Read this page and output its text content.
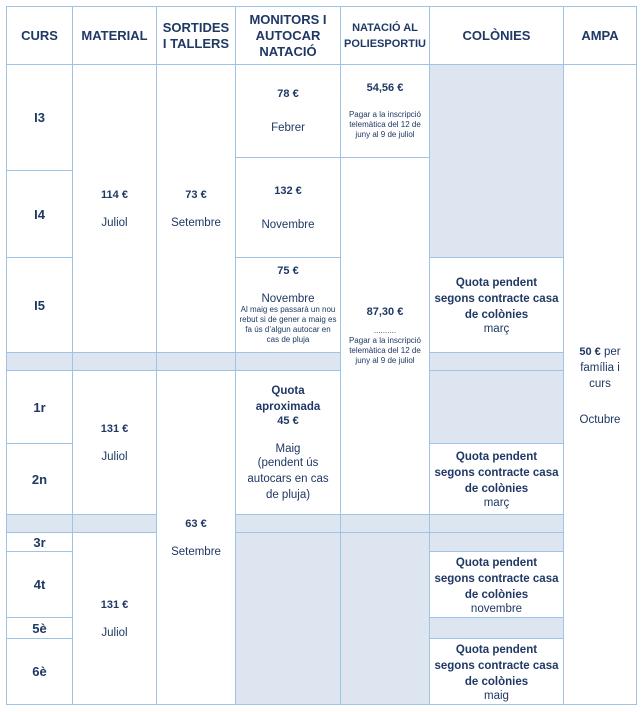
CURS MATERIAL
SORTIDES
I TALLERS
MONITORS I
AUTOCAR
NATACIÓ
NATACIÓ AL
POLIESPORTIU
COLÒNIES	AMPA
I3
I4
I5
1r
2n
3r
4t
5è
6è
114 €
Juliol
131 €
Juliol
131 €
Juliol
73 €
Setembre
63 €
Setembre
78 €
Febrer
132 €
Novembre
75 €
Novembre
Al maig es passarà un nou rebut si de gener a maig es fa ús d’algun autocar en cas de pluja
Quota
aproximada
45 €
Maig
(pendent ús autocars en cas de pluja)
54,56 €
Pagar a la inscripció telemàtica del 12 de juny al 9 de juliol
87,30 €
..........
Pagar a la inscripció telemàtica del 12 de juny al 9 de juliol
Quota pendent
segons contracte casa
de colònies
març
Quota pendent
segons contracte casa
de colònies
març
Quota pendent
segons contracte casa
de colònies
novembre
Quota pendent
segons contracte casa
de colònies
maig
50 € per
família i
curs
Octubre
